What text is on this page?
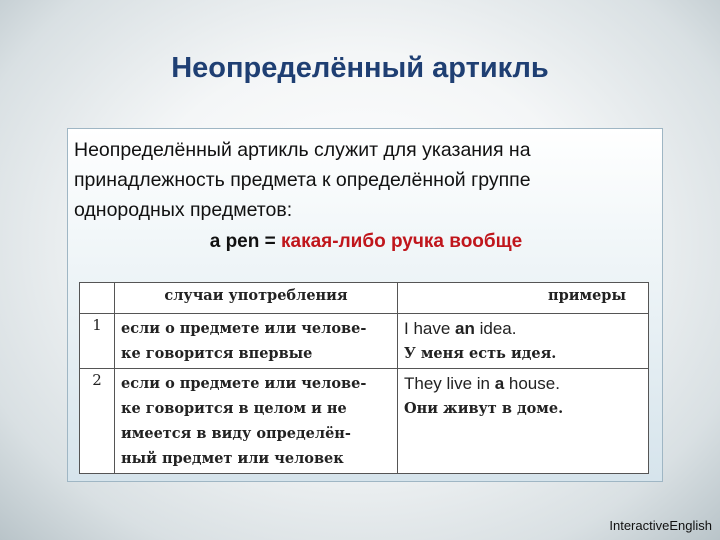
Неопределённый артикль
Неопределённый артикль служит для указания на
принадлежность предмета к определённой группе
однородных предметов:
a pen = какая-либо ручка вообще
	случаи употребления	примеры
1	если о предмете или челове-
ке говорится впервые	I have an idea.
У меня есть идея.

2	если о предмете или челове-
ке говорится в целом и не
имеется в виду определён-
ный предмет или человек	They live in a house.
Они живут в доме.
InteractiveEnglish
